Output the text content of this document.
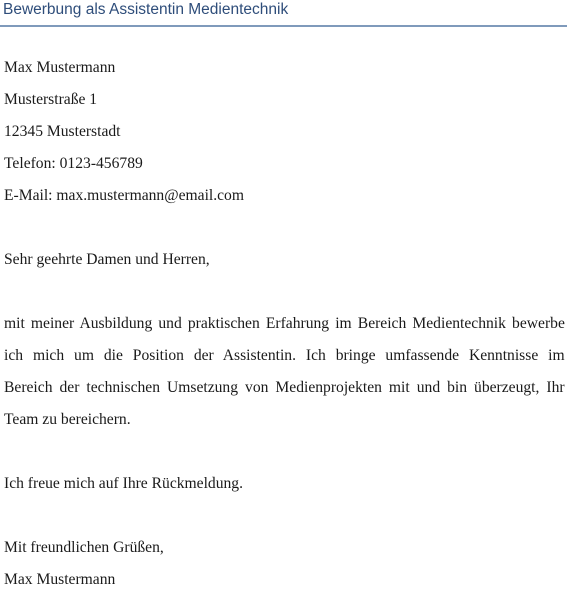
Bewerbung als Assistentin Medientechnik
Max Mustermann
Musterstraße 1
12345 Musterstadt
Telefon: 0123-456789
E-Mail: max.mustermann@email.com
Sehr geehrte Damen und Herren,
mit meiner Ausbildung und praktischen Erfahrung im Bereich Medientechnik bewerbe
ich mich um die Position der Assistentin. Ich bringe umfassende Kenntnisse im
Bereich der technischen Umsetzung von Medienprojekten mit und bin überzeugt, Ihr
Team zu bereichern.
Ich freue mich auf Ihre Rückmeldung.
Mit freundlichen Grüßen,
Max Mustermann
